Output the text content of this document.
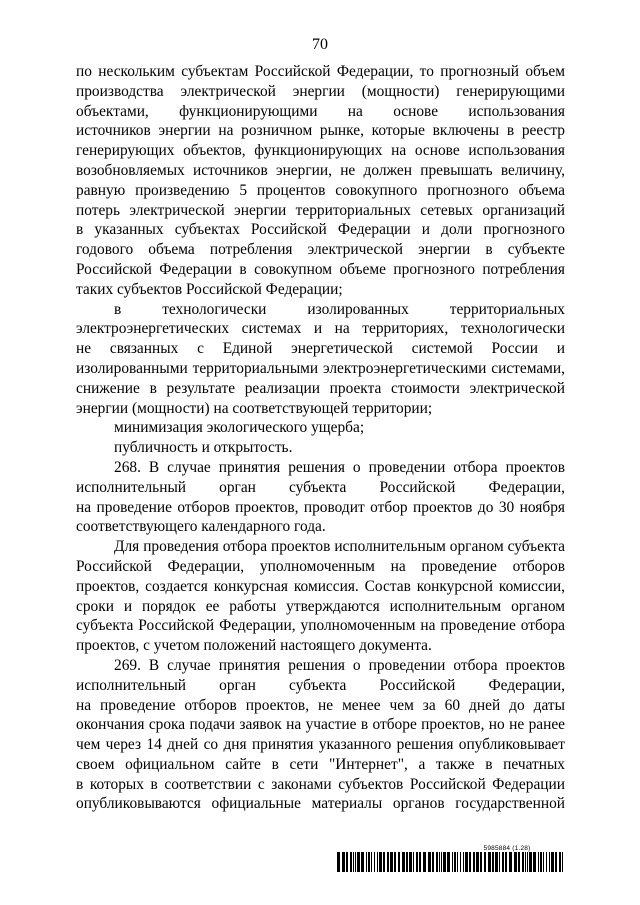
70
по нескольким субъектам Российской Федерации, то прогнозный объем
производства электрической энергии (мощности) генерирующими
объектами, функционирующими на основе использования
источников энергии на розничном рынке, которые включены в реестр
генерирующих объектов, функционирующих на основе использования
возобновляемых источников энергии, не должен превышать величину,
равную произведению 5 процентов совокупного прогнозного объема
потерь электрической энергии территориальных сетевых организаций
в указанных субъектах Российской Федерации и доли прогнозного
годового объема потребления электрической энергии в субъекте
Российской Федерации в совокупном объеме прогнозного потребления
таких субъектов Российской Федерации;
в технологически изолированных территориальных
электроэнергетических системах и на территориях, технологически
не связанных с Единой энергетической системой России и
изолированными территориальными электроэнергетическими системами,
снижение в результате реализации проекта стоимости электрической
энергии (мощности) на соответствующей территории;
минимизация экологического ущерба;
публичность и открытость.
268. В случае принятия решения о проведении отбора проектов
исполнительный орган субъекта Российской Федерации,
на проведение отборов проектов, проводит отбор проектов до 30 ноября
соответствующего календарного года.
Для проведения отбора проектов исполнительным органом субъекта
Российской Федерации, уполномоченным на проведение отборов
проектов, создается конкурсная комиссия. Состав конкурсной комиссии,
сроки и порядок ее работы утверждаются исполнительным органом
субъекта Российской Федерации, уполномоченным на проведение отбора
проектов, с учетом положений настоящего документа.
269. В случае принятия решения о проведении отбора проектов
исполнительный орган субъекта Российской Федерации,
на проведение отборов проектов, не менее чем за 60 дней до даты
окончания срока подачи заявок на участие в отборе проектов, но не ранее
чем через 14 дней со дня принятия указанного решения опубликовывает
своем официальном сайте в сети "Интернет", а также в печатных
в которых в соответствии с законами субъектов Российской Федерации
опубликовываются официальные материалы органов государственной
5985884 (1.28)
